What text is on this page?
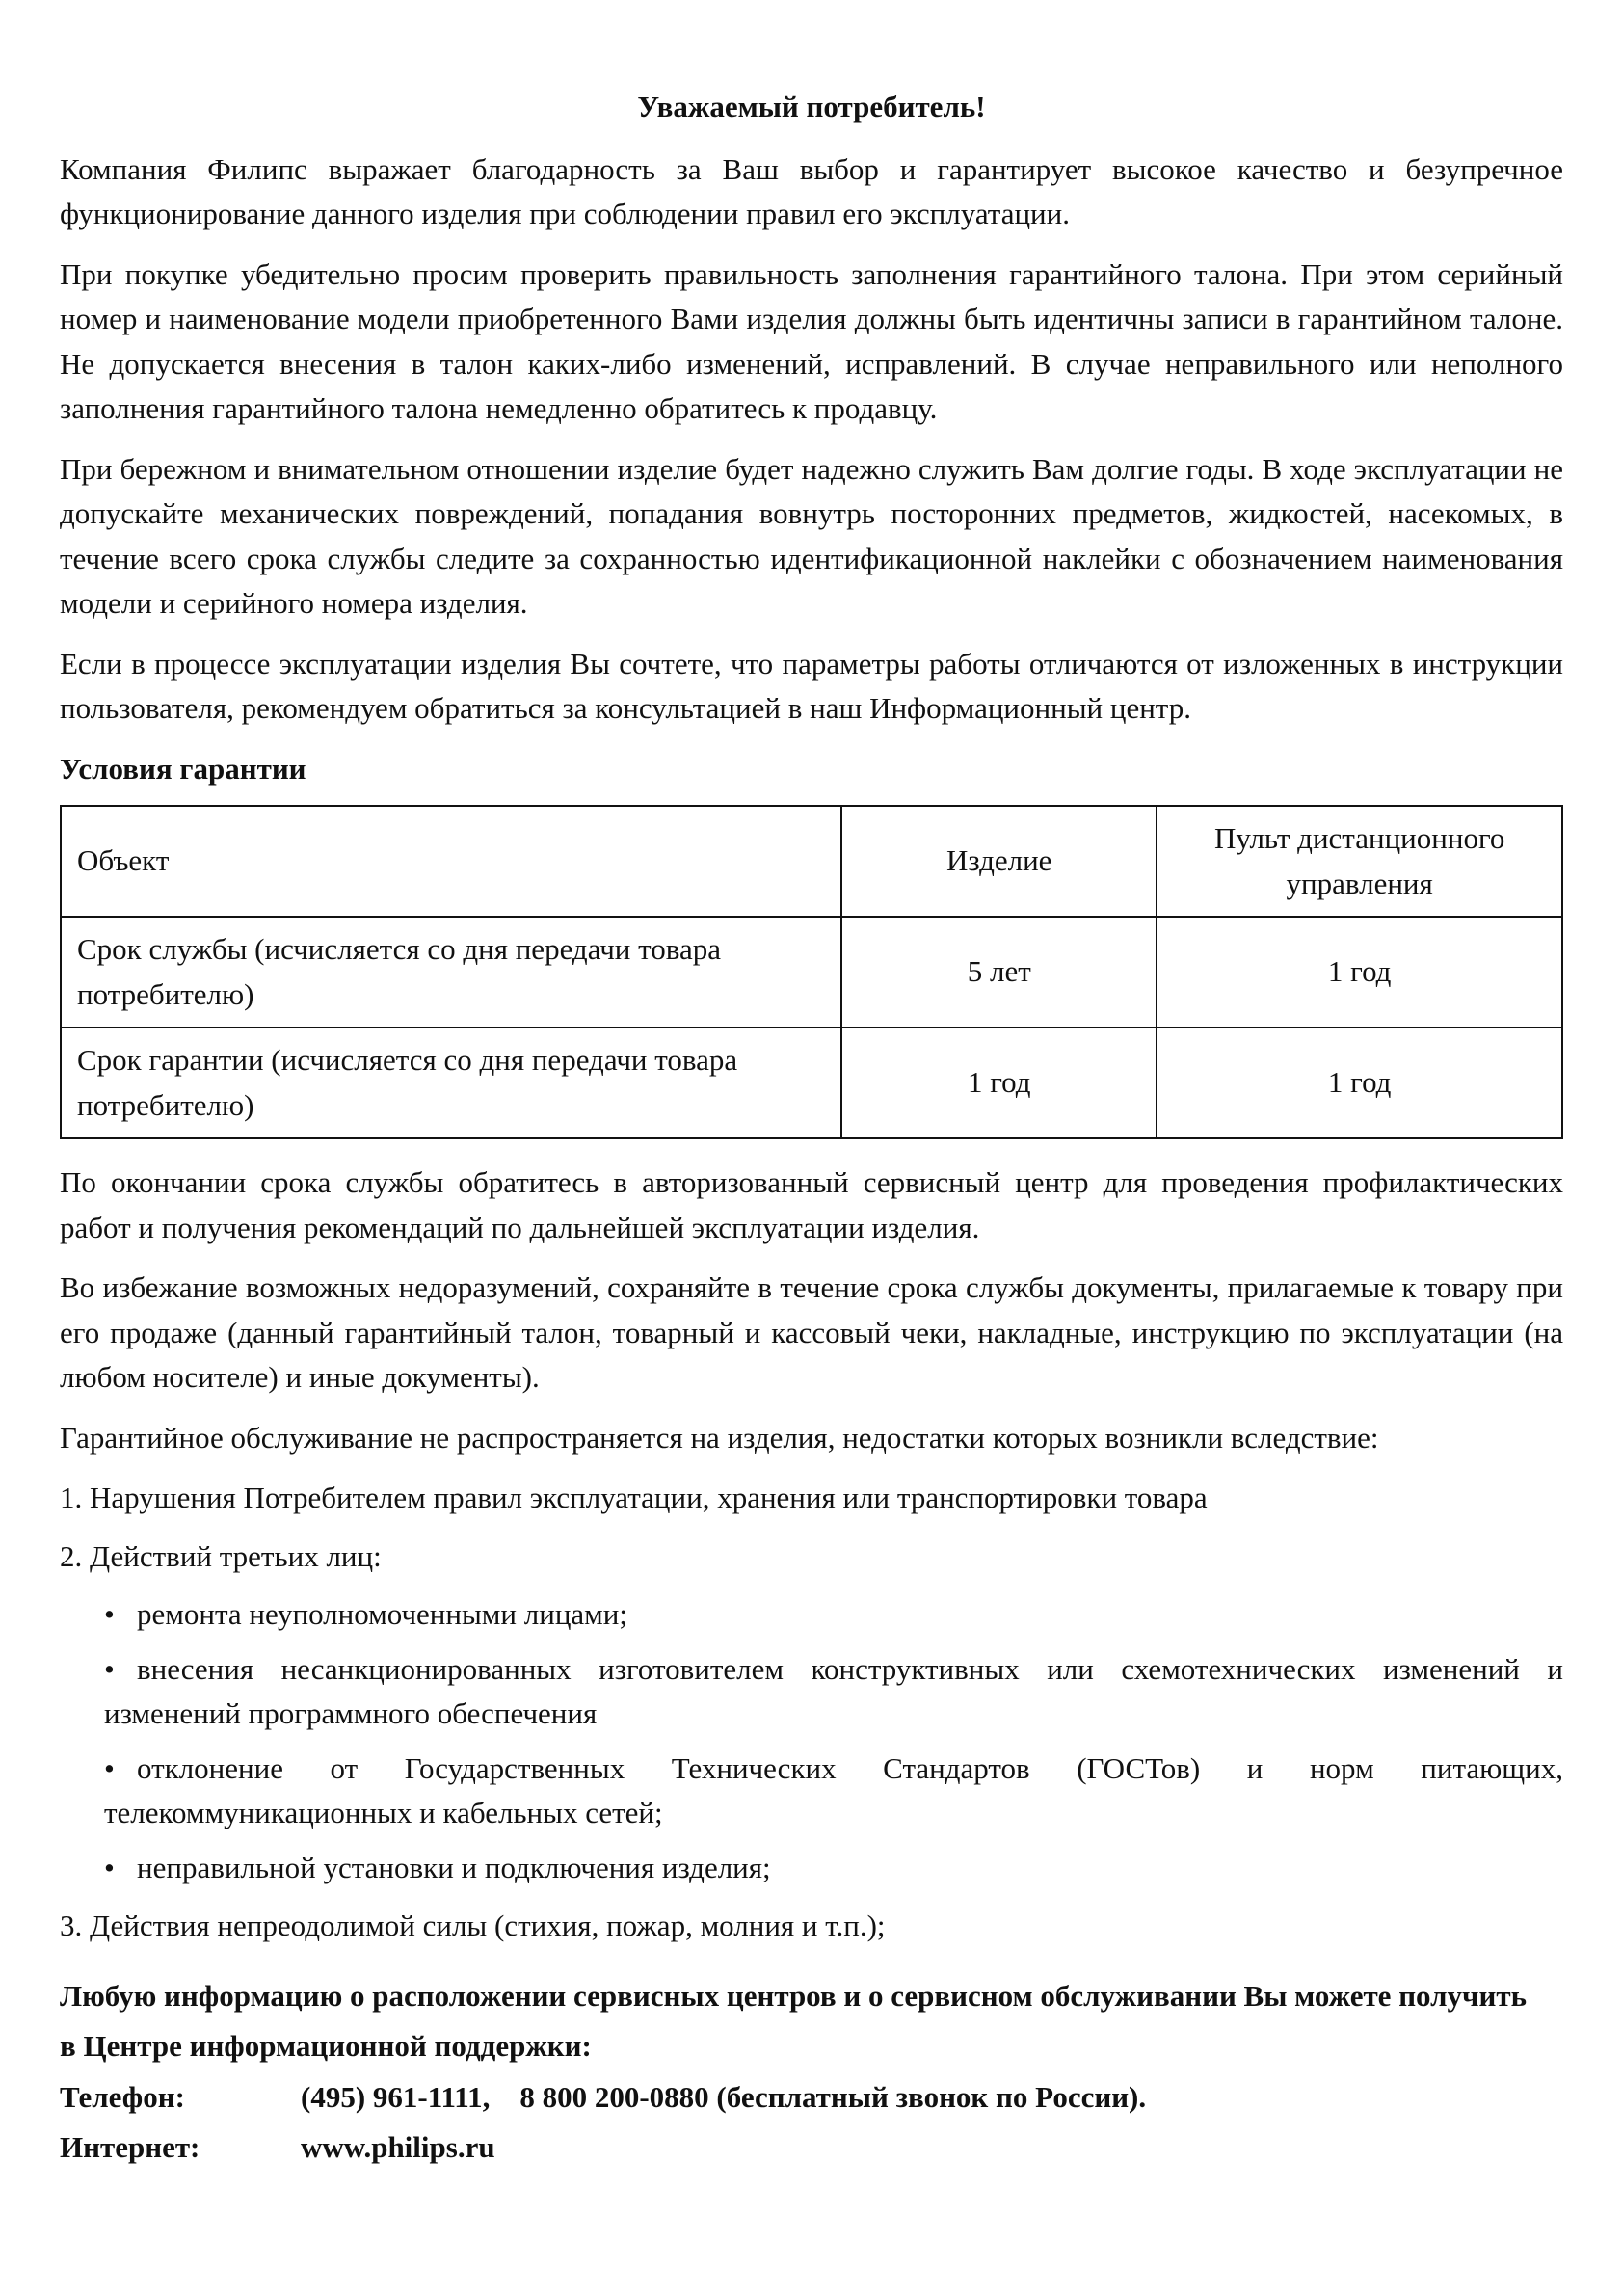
Уважаемый потребитель!

Компания Филипс выражает благодарность за Ваш выбор и гарантирует высокое качество и безупречное функционирование данного изделия при соблюдении правил его эксплуатации.

При покупке убедительно просим проверить правильность заполнения гарантийного талона. При этом серийный номер и наименование модели приобретенного Вами изделия должны быть идентичны записи в гарантийном талоне. Не допускается внесения в талон каких-либо изменений, исправлений. В случае неправильного или неполного заполнения гарантийного талона немедленно обратитесь к продавцу.

При бережном и внимательном отношении изделие будет надежно служить Вам долгие годы. В ходе эксплуатации не допускайте механических повреждений, попадания вовнутрь посторонних предметов, жидкостей, насекомых, в течение всего срока службы следите за сохранностью идентификационной наклейки с обозначением наименования модели и серийного номера изделия.

Если в процессе эксплуатации изделия Вы сочтете, что параметры работы отличаются от изложенных в инструкции пользователя, рекомендуем обратиться за консультацией в наш Информационный центр.

Условия гарантии
Объект	Изделие	Пульт дистанционного управления
Срок службы (исчисляется со дня передачи товара потребителю)	5 лет	1 год
Срок гарантии (исчисляется со дня передачи товара потребителю)	1 год	1 год

По окончании срока службы обратитесь в авторизованный сервисный центр для проведения профилактических работ и получения рекомендаций по дальнейшей эксплуатации изделия.

Во избежание возможных недоразумений, сохраняйте в течение срока службы документы, прилагаемые к товару при его продаже (данный гарантийный талон, товарный и кассовый чеки, накладные, инструкцию по эксплуатации (на любом носителе) и иные документы).

Гарантийное обслуживание не распространяется на изделия, недостатки которых возникли вследствие:

1. Нарушения Потребителем правил эксплуатации, хранения или транспортировки товара
2. Действий третьих лиц:
• ремонта неуполномоченными лицами;
• внесения несанкционированных изготовителем конструктивных или схемотехнических изменений и изменений программного обеспечения
• отклонение от Государственных Технических Стандартов (ГОСТов) и норм питающих, телекоммуникационных и кабельных сетей;
• неправильной установки и подключения изделия;
3. Действия непреодолимой силы (стихия, пожар, молния и т.п.);
Любую информацию о расположении сервисных центров и о сервисном обслуживании Вы можете получить
в Центре информационной поддержки:
Телефон:	(495) 961-1111,    8 800 200-0880 (бесплатный звонок по России).
Интернет:	www.philips.ru
